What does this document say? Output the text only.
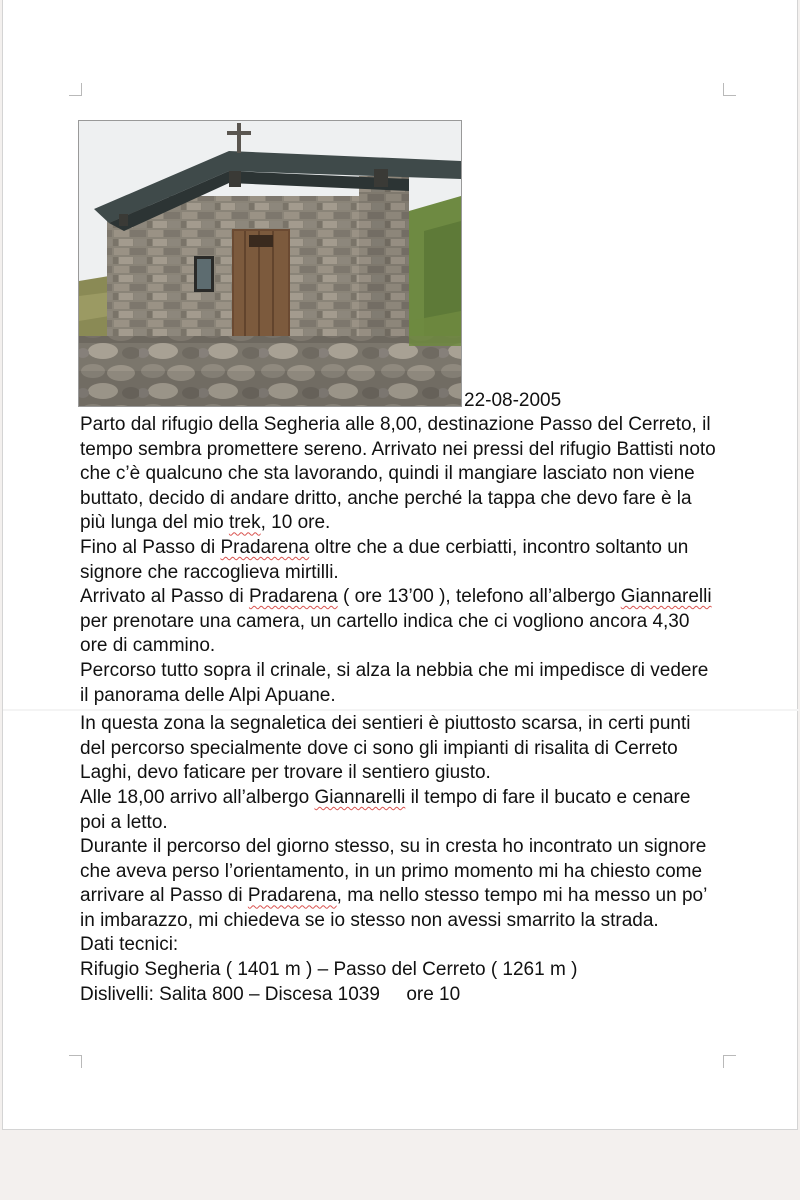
22-08-2005

Parto dal rifugio della Segheria alle 8,00, destinazione Passo del Cerreto, il tempo sembra promettere sereno. Arrivato nei pressi del rifugio Battisti noto che c’è qualcuno che sta lavorando, quindi il mangiare lasciato non viene buttato, decido di andare dritto, anche perché la tappa che devo fare è la più lunga del mio trek, 10 ore.

Fino al Passo di Pradarena oltre che a due cerbiatti, incontro soltanto un signore che raccoglieva mirtilli.

Arrivato al Passo di Pradarena ( ore 13’00 ), telefono all’albergo Giannarelli per prenotare una camera, un cartello indica che ci vogliono ancora 4,30 ore di cammino.

Percorso tutto sopra il crinale, si alza la nebbia che mi impedisce di vedere il panorama delle Alpi Apuane.

In questa zona la segnaletica dei sentieri è piuttosto scarsa, in certi punti del percorso specialmente dove ci sono gli impianti di risalita di Cerreto Laghi, devo faticare per trovare il sentiero giusto.

Alle 18,00 arrivo all’albergo Giannarelli il tempo di fare il bucato e cenare poi a letto.

Durante il percorso del giorno stesso, su in cresta ho incontrato un signore che aveva perso l’orientamento, in un primo momento mi ha chiesto come arrivare al Passo di Pradarena, ma nello stesso tempo mi ha messo un po’ in imbarazzo, mi chiedeva se io stesso non avessi smarrito la strada.

Dati tecnici:

Rifugio Segheria ( 1401 m ) – Passo del Cerreto ( 1261 m )

Dislivelli: Salita 800 – Discesa 1039     ore 10
